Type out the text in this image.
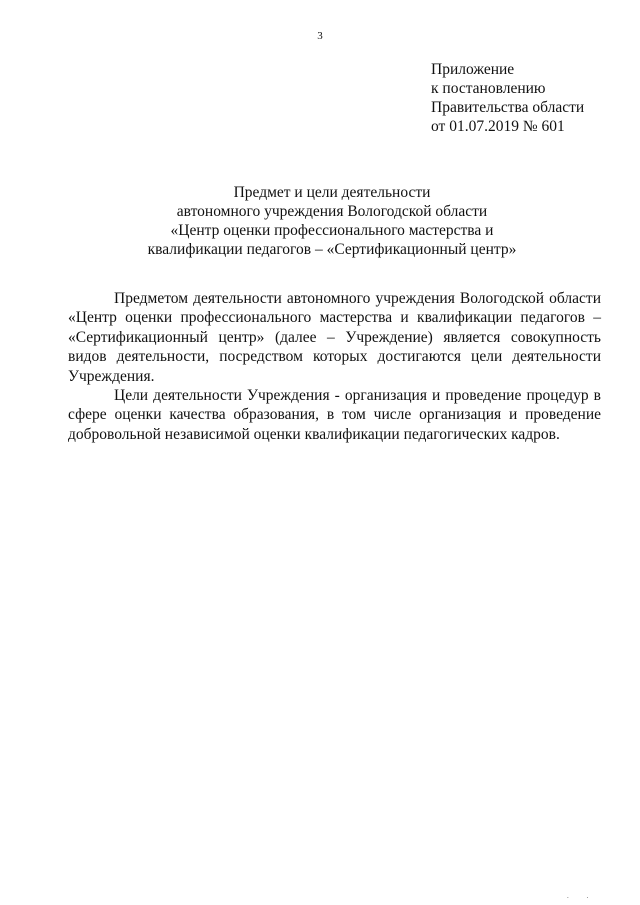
3
Приложение
к постановлению
Правительства области
от 01.07.2019 № 601
Предмет и цели деятельности
автономного учреждения Вологодской области
«Центр оценки профессионального мастерства и
квалификации педагогов – «Сертификационный центр»

Предметом деятельности автономного учреждения Вологодской области «Центр оценки профессионального мастерства и квалификации педагогов – «Сертификационный центр» (далее – Учреждение) является совокупность видов деятельности, посредством которых достигаются цели деятельности Учреждения.

Цели деятельности Учреждения - организация и проведение процедур в сфере оценки качества образования, в том числе организация и проведение добровольной независимой оценки квалификации педагогических кадров.

. .
